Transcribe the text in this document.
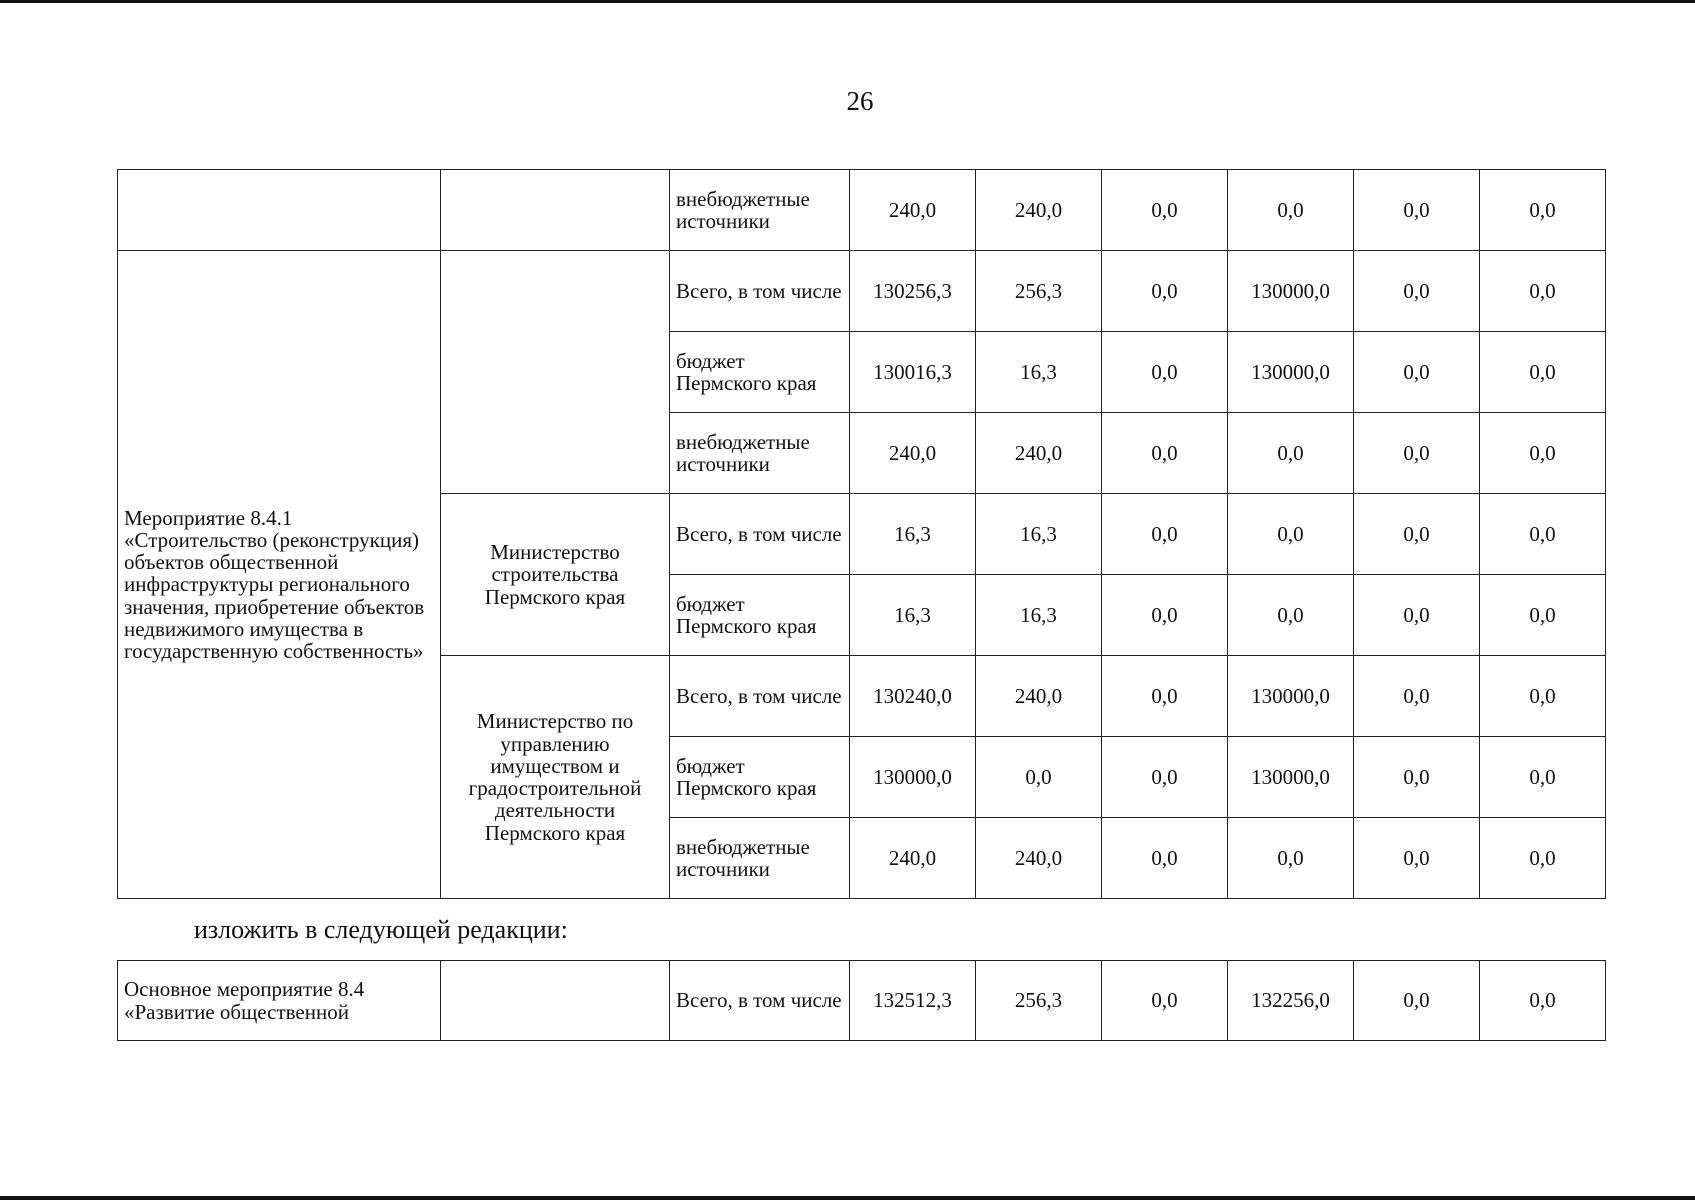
26
		внебюджетные источники	240,0	240,0	0,0	0,0	0,0	0,0

Мероприятие 8.4.1 «Строительство (реконструкция) объектов общественной инфраструктуры регионального значения, приобретение объектов недвижимого имущества в государственную собственность»		Всего, в том числе	130256,3	256,3	0,0	130000,0	0,0	0,0
		бюджет Пермского края	130016,3	16,3	0,0	130000,0	0,0	0,0
		внебюджетные источники	240,0	240,0	0,0	0,0	0,0	0,0
	Министерство строительства Пермского края	Всего, в том числе	16,3	16,3	0,0	0,0	0,0	0,0
		бюджет Пермского края	16,3	16,3	0,0	0,0	0,0	0,0
	Министерство по управлению имуществом и градостроительной деятельности Пермского края	Всего, в том числе	130240,0	240,0	0,0	130000,0	0,0	0,0
		бюджет Пермского края	130000,0	0,0	0,0	130000,0	0,0	0,0
		внебюджетные источники	240,0	240,0	0,0	0,0	0,0	0,0
изложить в следующей редакции:
Основное мероприятие 8.4 «Развитие общественной		Всего, в том числе	132512,3	256,3	0,0	132256,0	0,0	0,0
